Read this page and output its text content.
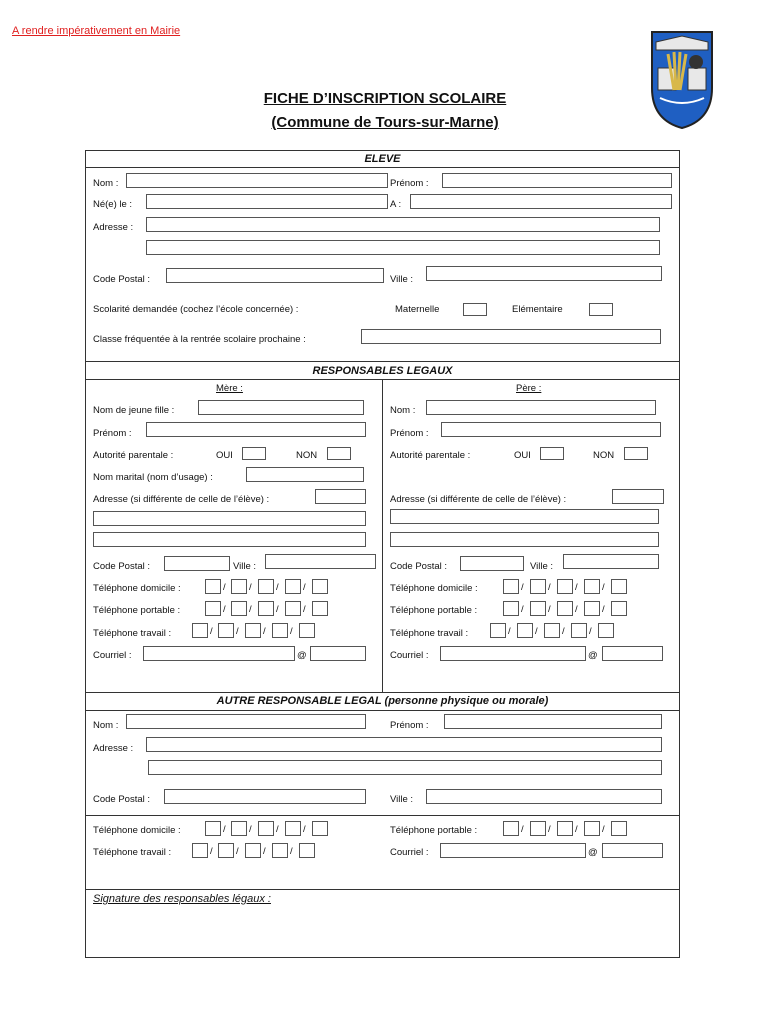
A rendre impérativement en Mairie
FICHE D’INSCRIPTION SCOLAIRE
(Commune de Tours-sur-Marne)
ELEVE
Nom :	Prénom :
Né(e) le :	A :
Adresse :
Code Postal :	Ville :
Scolarité demandée (cochez l’école concernée) :	Maternelle	Elémentaire
Classe fréquentée à la rentrée scolaire prochaine :
RESPONSABLES LEGAUX
Mère :
Nom de jeune fille :
Prénom :
Autorité parentale :	OUI	NON
Nom marital (nom d’usage) :
Adresse (si différente de celle de l’élève) :
Code Postal :	Ville :
Téléphone domicile :	/ /	/	/
Téléphone portable :	/ /	/	/
Téléphone travail :	/ /	/	/
Courriel :	@
Père :
Nom :
Prénom :
Autorité parentale :	OUI	NON
Adresse (si différente de celle de l’élève) :
Code Postal :	Ville :
Téléphone domicile :	/	/	/	/
Téléphone portable :	/	/	/	/
Téléphone travail :	/	/	/	/
Courriel :	@
AUTRE RESPONSABLE LEGAL (personne physique ou morale)
Nom :	Prénom :
Adresse :
Code Postal :	Ville :
Téléphone domicile :	/ /	/	/	Téléphone portable :	/	/	/	/
Téléphone travail :	/ /	/	/	Courriel :	@
Signature des responsables légaux :
